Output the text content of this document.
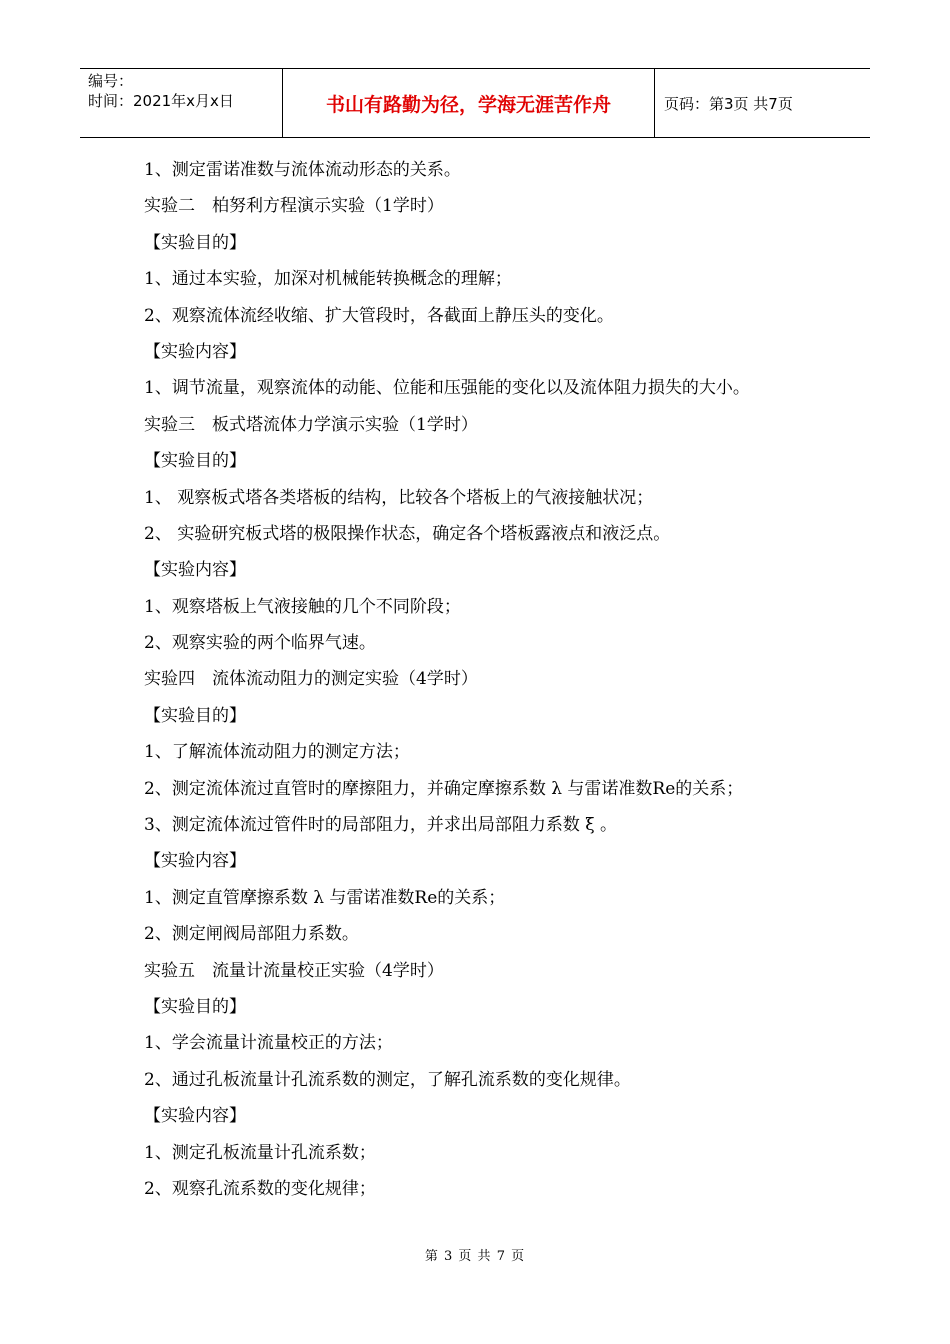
编号：
时间：2021年x月x日	书山有路勤为径，学海无涯苦作舟	页码：第3页 共7页
1、测定雷诺准数与流体流动形态的关系。
实验二　柏努利方程演示实验（1学时）
【实验目的】
1、通过本实验，加深对机械能转换概念的理解；
2、观察流体流经收缩、扩大管段时，各截面上静压头的变化。
【实验内容】
1、调节流量，观察流体的动能、位能和压强能的变化以及流体阻力损失的大小。
实验三　板式塔流体力学演示实验（1学时）
【实验目的】
1、 观察板式塔各类塔板的结构，比较各个塔板上的气液接触状况；
2、 实验研究板式塔的极限操作状态，确定各个塔板露液点和液泛点。
【实验内容】
1、观察塔板上气液接触的几个不同阶段；
2、观察实验的两个临界气速。
实验四　流体流动阻力的测定实验（4学时）
【实验目的】
1、了解流体流动阻力的测定方法；
2、测定流体流过直管时的摩擦阻力，并确定摩擦系数 λ 与雷诺准数Re的关系；
3、测定流体流过管件时的局部阻力，并求出局部阻力系数 ξ 。
【实验内容】
1、测定直管摩擦系数 λ 与雷诺准数Re的关系；
2、测定闸阀局部阻力系数。
实验五　流量计流量校正实验（4学时）
【实验目的】
1、学会流量计流量校正的方法；
2、通过孔板流量计孔流系数的测定，了解孔流系数的变化规律。
【实验内容】
1、测定孔板流量计孔流系数；
2、观察孔流系数的变化规律；
第 3 页 共 7 页
